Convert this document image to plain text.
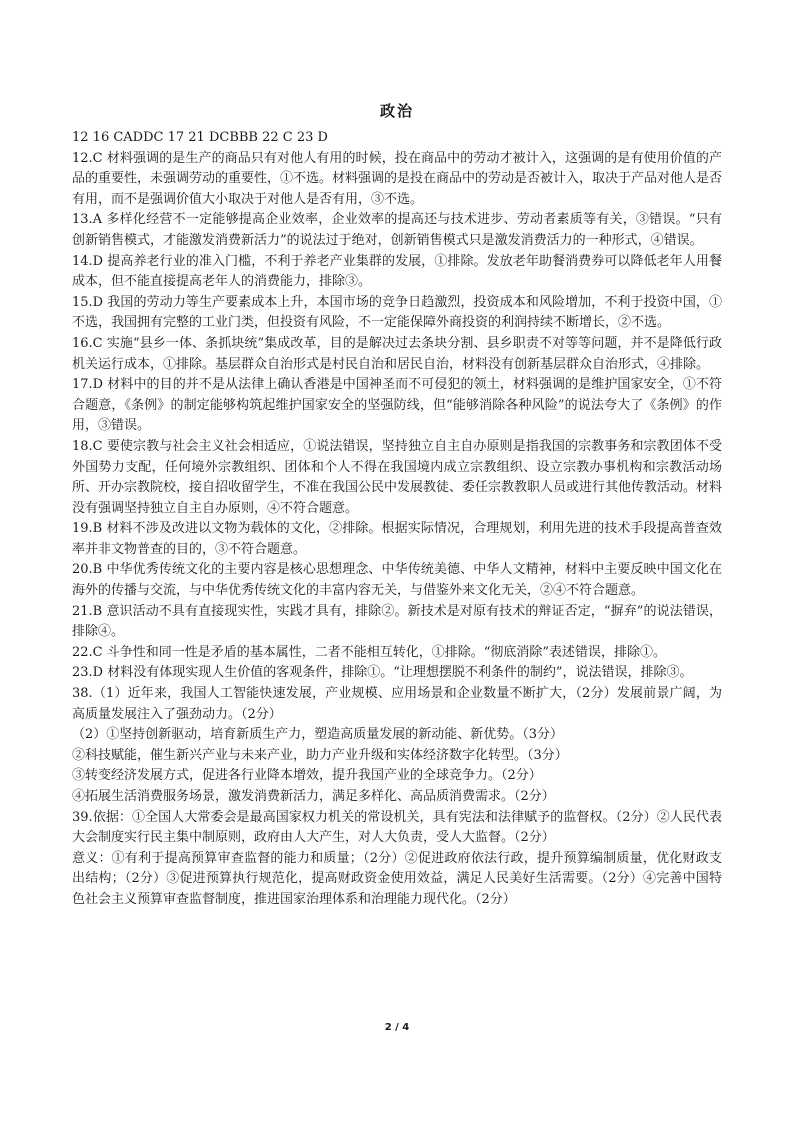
政治

12 16 CADDC 17 21 DCBBB 22 C 23 D

12.C 材料强调的是生产的商品只有对他人有用的时候，投在商品中的劳动才被计入，这强调的是有使用价值的产品的重要性，未强调劳动的重要性，①不选。材料强调的是投在商品中的劳动是否被计入，取决于产品对他人是否有用，而不是强调价值大小取决于对他人是否有用，③不选。

13.A 多样化经营不一定能够提高企业效率，企业效率的提高还与技术进步、劳动者素质等有关，③错误。“只有创新销售模式，才能激发消费新活力”的说法过于绝对，创新销售模式只是激发消费活力的一种形式，④错误。

14.D 提高养老行业的准入门槛，不利于养老产业集群的发展，①排除。发放老年助餐消费券可以降低老年人用餐成本，但不能直接提高老年人的消费能力，排除③。

15.D 我国的劳动力等生产要素成本上升，本国市场的竞争日趋激烈，投资成本和风险增加，不利于投资中国，①不选，我国拥有完整的工业门类，但投资有风险，不一定能保障外商投资的利润持续不断增长，②不选。

16.C 实施“县乡一体、条抓块统”集成改革，目的是解决过去条块分割、县乡职责不对等等问题，并不是降低行政机关运行成本，①排除。基层群众自治形式是村民自治和居民自治，材料没有创新基层群众自治形式，④排除。

17.D 材料中的目的并不是从法律上确认香港是中国神圣而不可侵犯的领土，材料强调的是维护国家安全，①不符合题意，《条例》的制定能够构筑起维护国家安全的坚强防线，但“能够消除各种风险”的说法夸大了《条例》的作用，③错误。

18.C 要使宗教与社会主义社会相适应，①说法错误，坚持独立自主自办原则是指我国的宗教事务和宗教团体不受外国势力支配，任何境外宗教组织、团体和个人不得在我国境内成立宗教组织、设立宗教办事机构和宗教活动场所、开办宗教院校，接自招收留学生，不准在我国公民中发展教徒、委任宗教教职人员或进行其他传教活动。材料没有强调坚持独立自主自办原则，④不符合题意。

19.B 材料不涉及改进以文物为载体的文化，②排除。根据实际情况，合理规划，利用先进的技术手段提高普查效率并非文物普查的目的，③不符合题意。

20.B 中华优秀传统文化的主要内容是核心思想理念、中华传统美德、中华人文精神，材料中主要反映中国文化在海外的传播与交流，与中华优秀传统文化的丰富内容无关，与借鉴外来文化无关，②④不符合题意。

21.B 意识活动不具有直接现实性，实践才具有，排除②。新技术是对原有技术的辩证否定，“摒弃”的说法错误，排除④。

22.C 斗争性和同一性是矛盾的基本属性，二者不能相互转化，①排除。“彻底消除”表述错误，排除①。

23.D 材料没有体现实现人生价值的客观条件，排除①。“让理想摆脱不利条件的制约”，说法错误，排除③。

38.（1）近年来，我国人工智能快速发展，产业规模、应用场景和企业数量不断扩大，（2分）发展前景广阔，为高质量发展注入了强劲动力。（2分）

（2）①坚持创新驱动，培育新质生产力，塑造高质量发展的新动能、新优势。（3分）

②科技赋能，催生新兴产业与未来产业，助力产业升级和实体经济数字化转型。（3分）

③转变经济发展方式，促进各行业降本增效，提升我国产业的全球竞争力。（2分）

④拓展生活消费服务场景，激发消费新活力，满足多样化、高品质消费需求。（2分）

39.依据：①全国人大常委会是最高国家权力机关的常设机关，具有宪法和法律赋予的监督权。（2分）②人民代表大会制度实行民主集中制原则，政府由人大产生，对人大负责，受人大监督。（2分）

意义：①有利于提高预算审查监督的能力和质量；（2分）②促进政府依法行政，提升预算编制质量，优化财政支出结构；（2分）③促进预算执行规范化，提高财政资金使用效益，满足人民美好生活需要。（2分）④完善中国特色社会主义预算审查监督制度，推进国家治理体系和治理能力现代化。（2分）

2 / 4
